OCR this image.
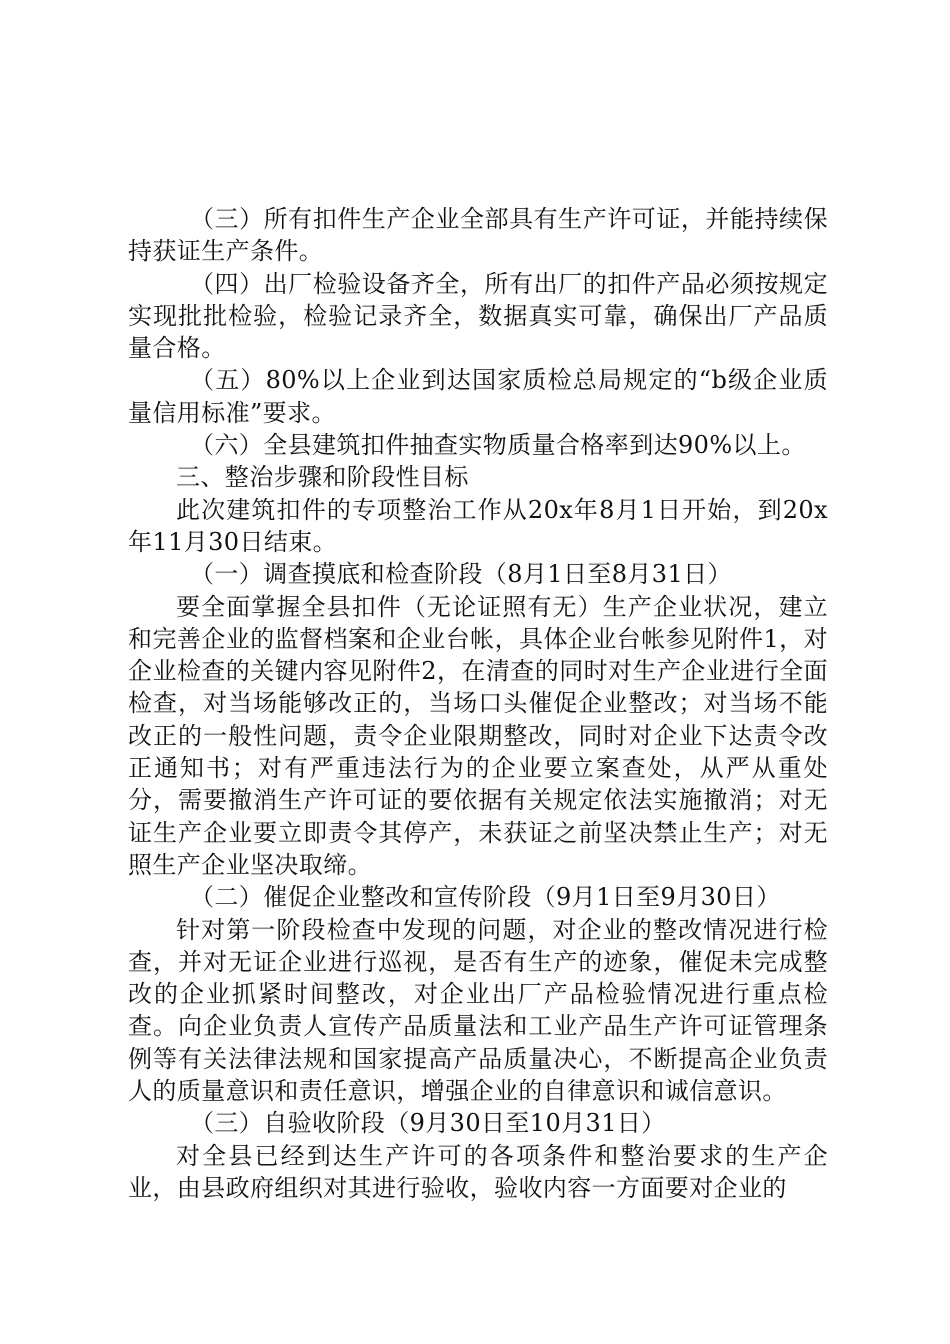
（三）所有扣件生产企业全部具有生产许可证，并能持续保持获证生产条件。

（四）出厂检验设备齐全，所有出厂的扣件产品必须按规定实现批批检验，检验记录齐全，数据真实可靠，确保出厂产品质量合格。

（五）80%以上企业到达国家质检总局规定的“b级企业质量信用标准”要求。

（六）全县建筑扣件抽查实物质量合格率到达90%以上。

三、整治步骤和阶段性目标

此次建筑扣件的专项整治工作从20x年8月1日开始，到20x年11月30日结束。

（一）调查摸底和检查阶段（8月1日至8月31日）

要全面掌握全县扣件（无论证照有无）生产企业状况，建立和完善企业的监督档案和企业台帐，具体企业台帐参见附件1，对企业检查的关键内容见附件2，在清查的同时对生产企业进行全面检查，对当场能够改正的，当场口头催促企业整改；对当场不能改正的一般性问题，责令企业限期整改，同时对企业下达责令改正通知书；对有严重违法行为的企业要立案查处，从严从重处分，需要撤消生产许可证的要依据有关规定依法实施撤消；对无证生产企业要立即责令其停产，未获证之前坚决禁止生产；对无照生产企业坚决取缔。

（二）催促企业整改和宣传阶段（9月1日至9月30日）

针对第一阶段检查中发现的问题，对企业的整改情况进行检查，并对无证企业进行巡视，是否有生产的迹象，催促未完成整改的企业抓紧时间整改，对企业出厂产品检验情况进行重点检查。向企业负责人宣传产品质量法和工业产品生产许可证管理条例等有关法律法规和国家提高产品质量决心，不断提高企业负责人的质量意识和责任意识，增强企业的自律意识和诚信意识。

（三）自验收阶段（9月30日至10月31日）

对全县已经到达生产许可的各项条件和整治要求的生产企业，由县政府组织对其进行验收，验收内容一方面要对企业的
